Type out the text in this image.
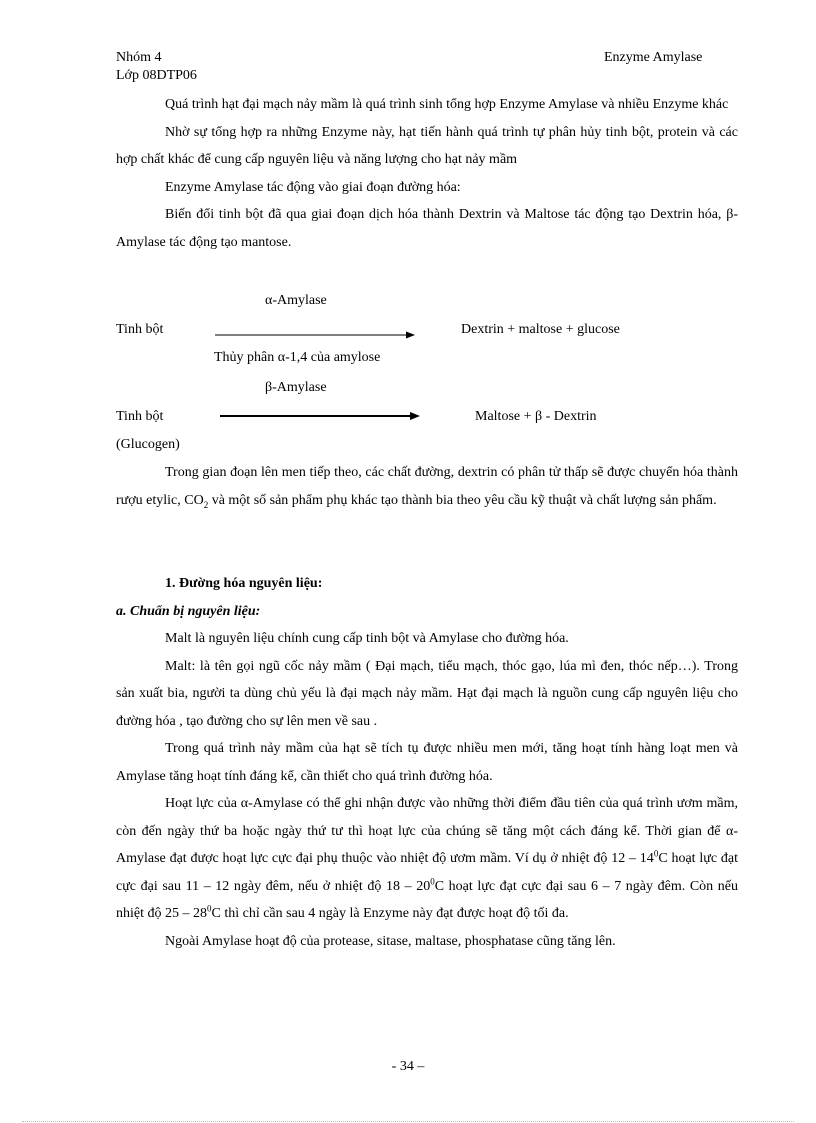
Nhóm 4
Lớp 08DTP06
Enzyme Amylase

Quá trình hạt đại mạch nảy mầm là quá trình sinh tổng hợp Enzyme Amylase và nhiều Enzyme khác

Nhờ sự tổng hợp ra những Enzyme này, hạt tiến hành quá trình tự phân hủy tinh bột, protein và các hợp chất khác để cung cấp nguyên liệu và năng lượng cho hạt nảy mầm

Enzyme Amylase tác động vào giai đoạn đường hóa:

Biến đổi tinh bột đã qua giai đoạn dịch hóa thành Dextrin và Maltose tác động tạo Dextrin hóa, β- Amylase tác động tạo mantose.

α-Amylase
Tinh bột	Dextrin + maltose + glucose
Thủy phân α-1,4 của amylose
β-Amylase
Tinh bột	Maltose + β - Dextrin
(Glucogen)

Trong gian đoạn lên men tiếp theo, các chất đường, dextrin có phân tử thấp sẽ được chuyển hóa thành rượu etylic, $CO_2$ và một số sản phẩm phụ khác tạo thành bia theo yêu cầu kỹ thuật và chất lượng sản phẩm.

1. Đường hóa nguyên liệu:

a. Chuẩn bị nguyên liệu:

Malt là nguyên liệu chính cung cấp tinh bột và Amylase cho đường hóa.

Malt: là tên gọi ngũ cốc nảy mầm ( Đại mạch, tiểu mạch, thóc gạo, lúa mì đen, thóc nếp…). Trong sản xuất bia, người ta dùng chủ yếu là đại mạch nảy mầm. Hạt đại mạch là nguồn cung cấp nguyên liệu cho đường hóa , tạo đường cho sự lên men về sau .

Trong quá trình nảy mầm của hạt sẽ tích tụ được nhiều men mới, tăng hoạt tính hàng loạt men và Amylase tăng hoạt tính đáng kể, cần thiết cho quá trình đường hóa.

Hoạt lực của α-Amylase có thể ghi nhận được vào những thời điểm đầu tiên của quá trình ươm mầm, còn đến ngày thứ ba hoặc ngày thứ tư thì hoạt lực của chúng sẽ tăng một cách đáng kể. Thời gian để α-Amylase đạt được hoạt lực cực đại phụ thuộc vào nhiệt độ ươm mầm. Ví dụ ở nhiệt độ $12 - 14^0C$ hoạt lực đạt cực đại sau 11 – 12 ngày đêm, nếu ở nhiệt độ $18 - 20^0C$ hoạt lực đạt cực đại sau 6 – 7 ngày đêm. Còn nếu nhiệt độ $25 - 28^0C$ thì chỉ cần sau 4 ngày là Enzyme này đạt được hoạt độ tối đa.

Ngoài Amylase hoạt độ của protease, sitase, maltase, phosphatase cũng tăng lên.

- 34 –
